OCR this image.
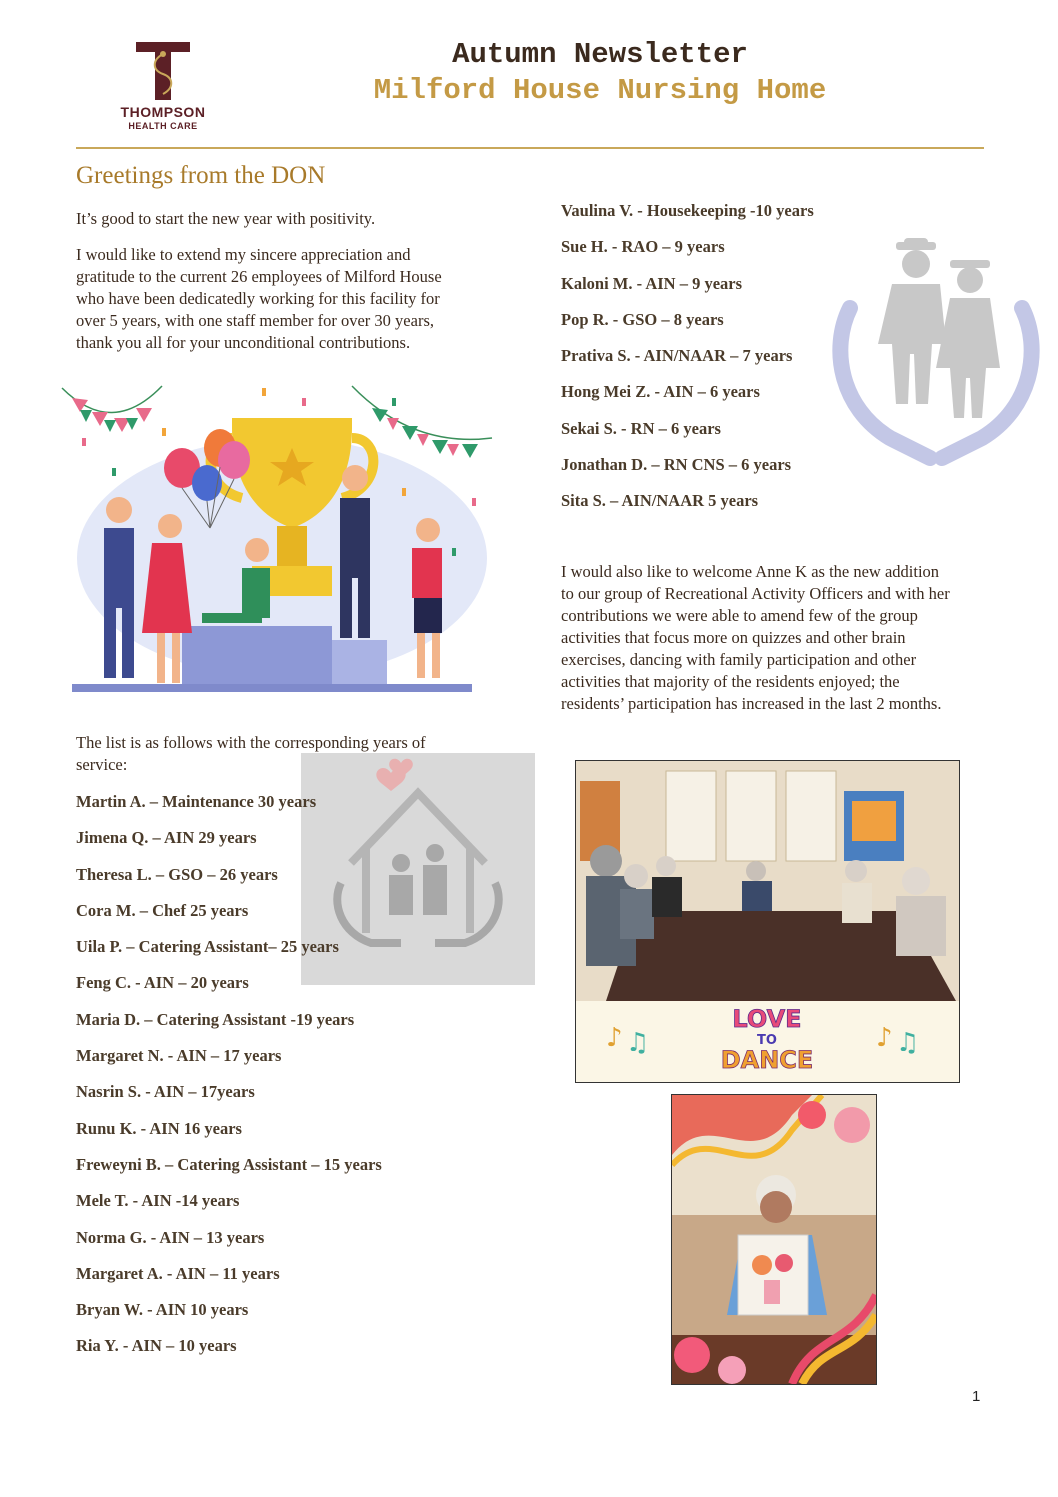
THOMPSON
HEALTH CARE
Autumn Newsletter
Milford House Nursing Home
Greetings from the DON
It’s good to start the new year with positivity.
I would like to extend my sincere appreciation and
gratitude to the current 26 employees of Milford House
who have been dedicatedly working for this facility for
over 5 years, with one staff member for over 30 years,
thank you all for your unconditional contributions.
The list is as follows with the corresponding years of
service:
Martin A. – Maintenance 30 years
Jimena Q. – AIN 29 years
Theresa L. – GSO – 26 years
Cora M. – Chef 25 years
Uila P. – Catering Assistant– 25 years
Feng C. - AIN – 20 years
Maria D. – Catering Assistant -19 years
Margaret N. - AIN – 17 years
Nasrin S. - AIN – 17years
Runu K. - AIN 16 years
Freweyni B. – Catering Assistant – 15 years
Mele T. - AIN -14 years
Norma G. - AIN – 13 years
Margaret A. - AIN – 11 years
Bryan W. - AIN 10 years
Ria Y. - AIN – 10 years
Vaulina V. - Housekeeping -10 years
Sue H. - RAO – 9 years
Kaloni M. - AIN – 9 years
Pop R. - GSO – 8 years
Prativa S. - AIN/NAAR – 7 years
Hong Mei Z. - AIN – 6 years
Sekai S. - RN – 6 years
Jonathan D. – RN CNS – 6 years
Sita S. – AIN/NAAR 5 years
I would also like to welcome Anne K as the new addition
to our group of Recreational Activity Officers and with her
contributions we were able to amend few of the group
activities that focus more on quizzes and other brain
exercises, dancing with family participation and other
activities that majority of the residents enjoyed; the
residents’ participation has increased in the last 2 months.
♪ ♫	♪ ♫
LOVE
TO
DANCE
1
